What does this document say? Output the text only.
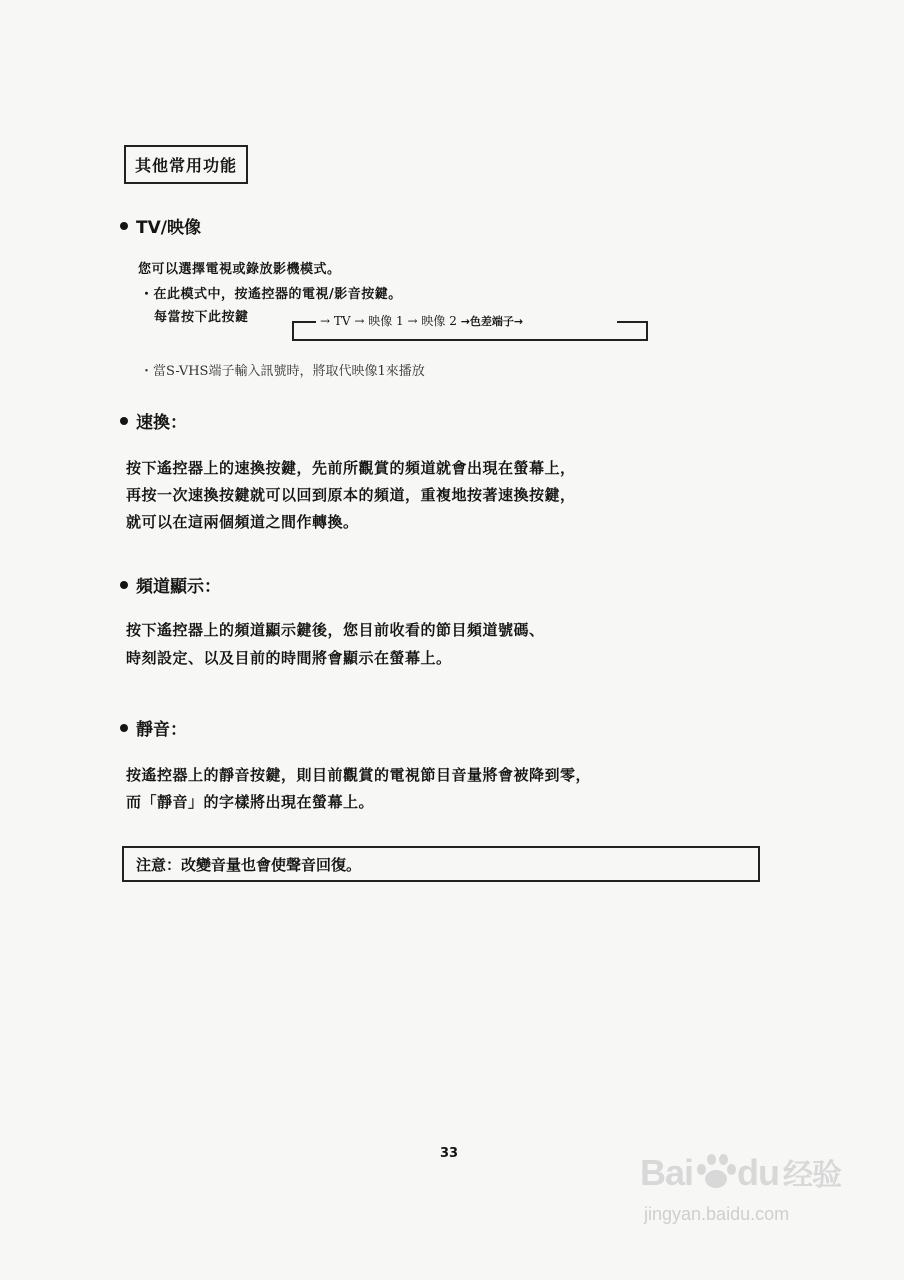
其他常用功能
TV/映像
您可以選擇電視或錄放影機模式。
・在此模式中，按遙控器的電視/影音按鍵。
每當按下此按鍵	→ TV → 映像 1 → 映像 2 →色差端子→
・當S-VHS端子輸入訊號時，將取代映像1來播放
速換：
按下遙控器上的速換按鍵，先前所觀賞的頻道就會出現在螢幕上，
再按一次速換按鍵就可以回到原本的頻道，重複地按著速換按鍵，
就可以在這兩個頻道之間作轉換。
頻道顯示：
按下遙控器上的頻道顯示鍵後，您目前收看的節目頻道號碼、
時刻設定、以及目前的時間將會顯示在螢幕上。
靜音：
按遙控器上的靜音按鍵，則目前觀賞的電視節目音量將會被降到零，
而「靜音」的字樣將出現在螢幕上。
注意：改變音量也會使聲音回復。
33	Bai du 经验
jingyan.baidu.com
